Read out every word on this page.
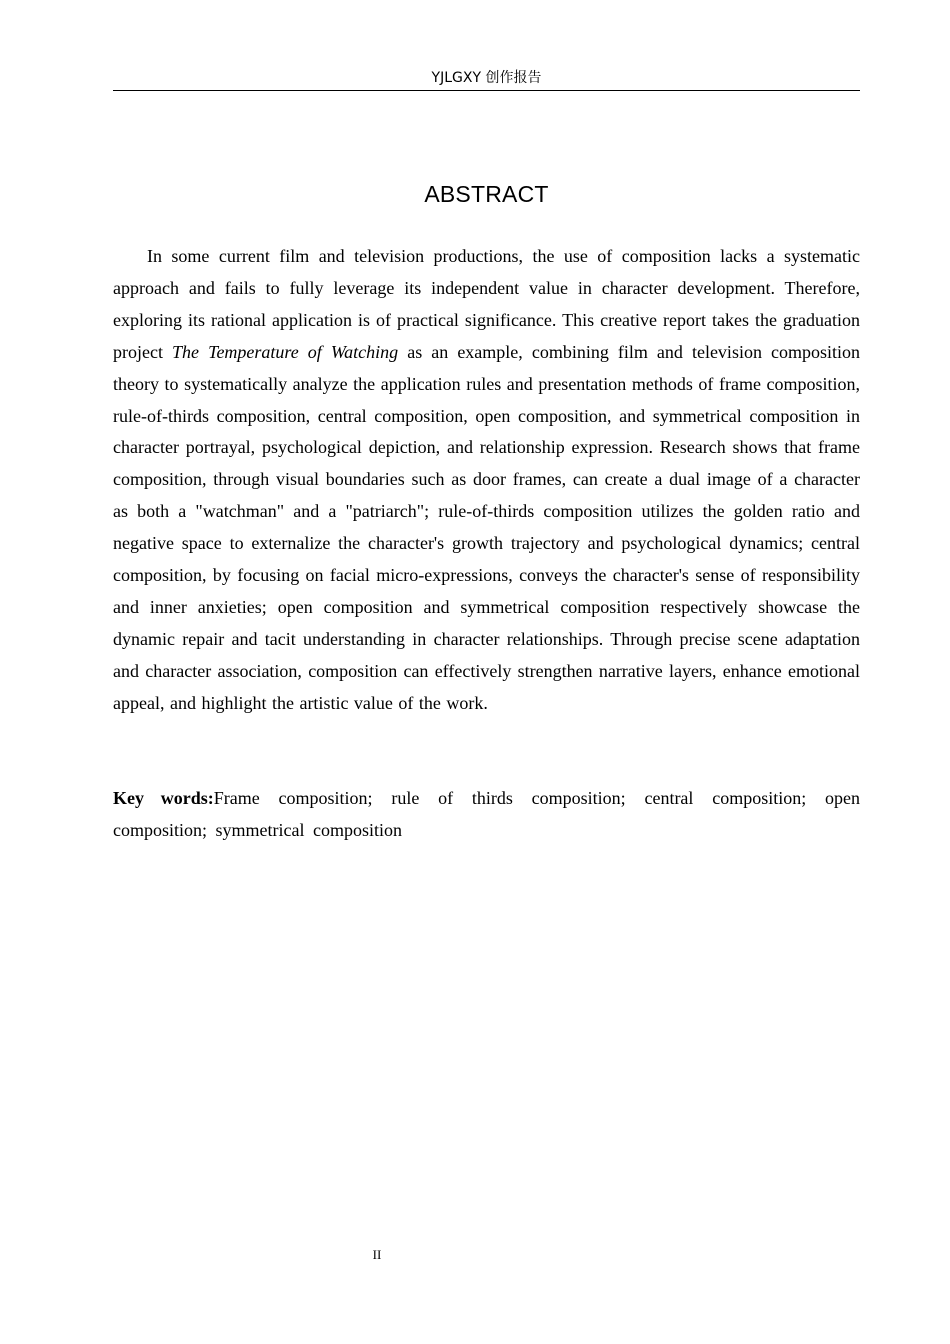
YJLGXY 创作报告
ABSTRACT

In some current film and television productions, the use of composition lacks a systematic approach and fails to fully leverage its independent value in character development. Therefore, exploring its rational application is of practical significance. This creative report takes the graduation project The Temperature of Watching as an example, combining film and television composition theory to systematically analyze the application rules and presentation methods of frame composition, rule-of-thirds composition, central composition, open composition, and symmetrical composition in character portrayal, psychological depiction, and relationship expression. Research shows that frame composition, through visual boundaries such as door frames, can create a dual image of a character as both a "watchman" and a "patriarch"; rule-of-thirds composition utilizes the golden ratio and negative space to externalize the character's growth trajectory and psychological dynamics; central composition, by focusing on facial micro-expressions, conveys the character's sense of responsibility and inner anxieties; open composition and symmetrical composition respectively showcase the dynamic repair and tacit understanding in character relationships. Through precise scene adaptation and character association, composition can effectively strengthen narrative layers, enhance emotional appeal, and highlight the artistic value of the work.

Key words:Frame composition; rule of thirds composition; central composition; open composition; symmetrical composition

II
